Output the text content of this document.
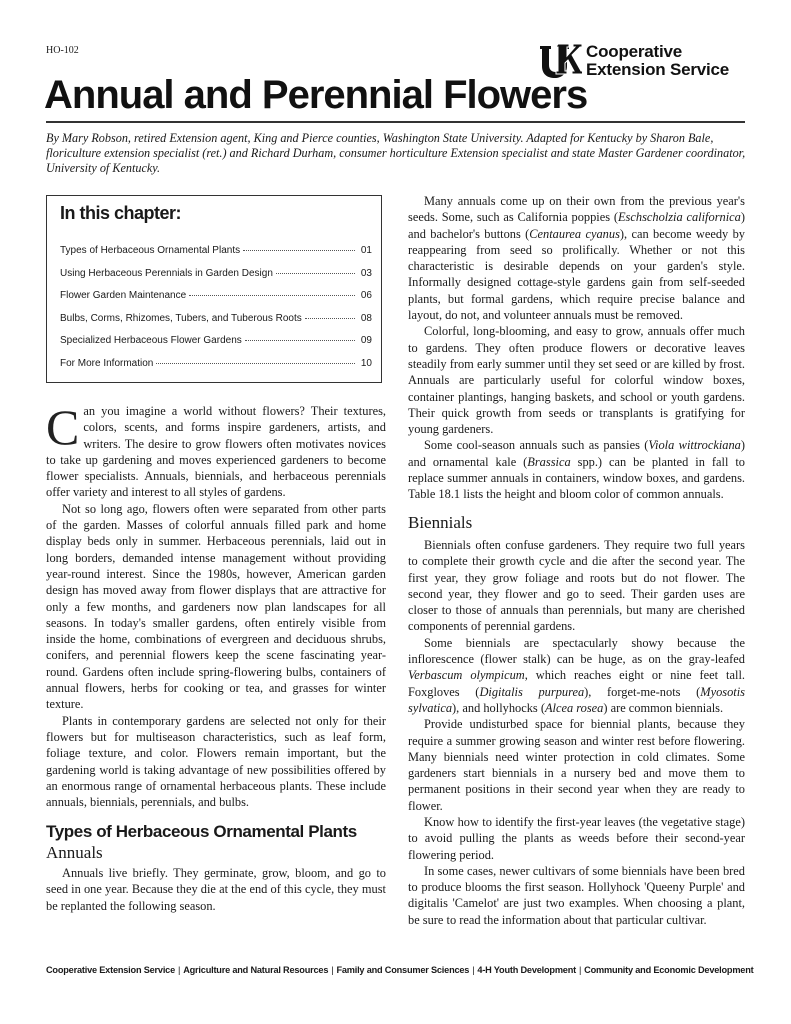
HO-102	Cooperative
Extension Service
Annual and Perennial Flowers

By Mary Robson, retired Extension agent, King and Pierce counties, Washington State University. Adapted for Kentucky by Sharon Bale, floriculture extension specialist (ret.) and Richard Durham, consumer horticulture Extension specialist and state Master Gardener coordinator, University of Kentucky.

In this chapter:
Types of Herbaceous Ornamental Plants	01
Using Herbaceous Perennials in Garden Design	03
Flower Garden Maintenance	06
Bulbs, Corms, Rhizomes, Tubers, and Tuberous Roots	08
Specialized Herbaceous Flower Gardens	09
For More Information	10

Can you imagine a world without flowers? Their textures, colors, scents, and forms inspire gardeners, artists, and writers. The desire to grow flowers often motivates novices to take up gardening and moves experienced gardeners to become flower specialists. Annuals, biennials, and herbaceous perennials offer variety and interest to all styles of gardens.

Not so long ago, flowers often were separated from other parts of the garden. Masses of colorful annuals filled park and home display beds only in summer. Herbaceous perennials, laid out in long borders, demanded intense management without providing year-round interest. Since the 1980s, however, American garden design has moved away from flower displays that are attractive for only a few months, and gardeners now plan landscapes for all seasons. In today's smaller gardens, often entirely visible from inside the home, combinations of evergreen and deciduous shrubs, conifers, and perennial flowers keep the scene fascinating year-round. Gardens often include spring-flowering bulbs, containers of annual flowers, herbs for cooking or tea, and grasses for winter texture.

Plants in contemporary gardens are selected not only for their flowers but for multiseason characteristics, such as leaf form, foliage texture, and color. Flowers remain important, but the gardening world is taking advantage of new possibilities offered by an enormous range of ornamental herbaceous plants. These include annuals, biennials, perennials, and bulbs.

Types of Herbaceous Ornamental Plants
Annuals

Annuals live briefly. They germinate, grow, bloom, and go to seed in one year. Because they die at the end of this cycle, they must be replanted the following season.

Many annuals come up on their own from the previous year's seeds. Some, such as California poppies (Eschscholzia californica) and bachelor's buttons (Centaurea cyanus), can become weedy by reappearing from seed so prolifically. Whether or not this characteristic is desirable depends on your garden's style. Informally designed cottage-style gardens gain from self-seeded plants, but formal gardens, which require precise balance and layout, do not, and volunteer annuals must be removed.

Colorful, long-blooming, and easy to grow, annuals offer much to gardens. They often produce flowers or decorative leaves steadily from early summer until they set seed or are killed by frost. Annuals are particularly useful for colorful window boxes, container plantings, hanging baskets, and school or youth gardens. Their quick growth from seeds or transplants is gratifying for young gardeners.

Some cool-season annuals such as pansies (Viola wittrockiana) and ornamental kale (Brassica spp.) can be planted in fall to replace summer annuals in containers, window boxes, and gardens. Table 18.1 lists the height and bloom color of common annuals.

Biennials

Biennials often confuse gardeners. They require two full years to complete their growth cycle and die after the second year. The first year, they grow foliage and roots but do not flower. The second year, they flower and go to seed. Their garden uses are closer to those of annuals than perennials, but many are cherished components of perennial gardens.

Some biennials are spectacularly showy because the inflorescence (flower stalk) can be huge, as on the gray-leafed Verbascum olympicum, which reaches eight or nine feet tall. Foxgloves (Digitalis purpurea), forget-me-nots (Myosotis sylvatica), and hollyhocks (Alcea rosea) are common biennials.

Provide undisturbed space for biennial plants, because they require a summer growing season and winter rest before flowering. Many biennials need winter protection in cold climates. Some gardeners start biennials in a nursery bed and move them to permanent positions in their second year when they are ready to flower.

Know how to identify the first-year leaves (the vegetative stage) to avoid pulling the plants as weeds before their second-year flowering period.

In some cases, newer cultivars of some biennials have been bred to produce blooms the first season. Hollyhock 'Queeny Purple' and digitalis 'Camelot' are just two examples. When choosing a plant, be sure to read the information about that particular cultivar.

Cooperative Extension Service | Agriculture and Natural Resources | Family and Consumer Sciences | 4-H Youth Development | Community and Economic Development
